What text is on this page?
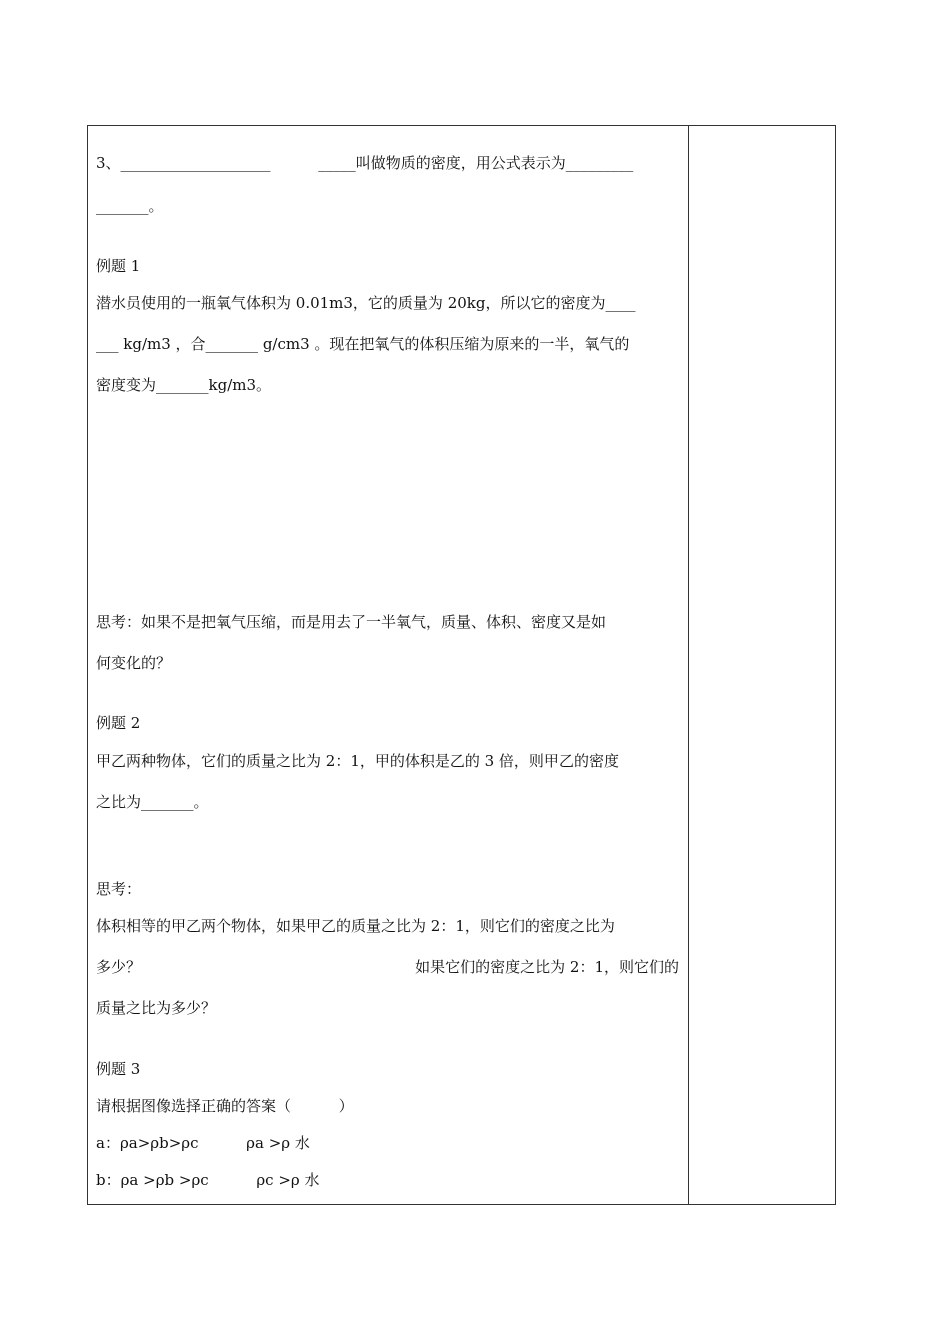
3、____________________          _____叫做物质的密度，用公式表示为_________
_______。
例题 1
潜水员使用的一瓶氧气体积为 0.01m3，它的质量为 20kg，所以它的密度为____
___ kg/m3 ，合_______ g/cm3 。现在把氧气的体积压缩为原来的一半，氧气的
密度变为_______kg/m3。
思考：如果不是把氧气压缩，而是用去了一半氧气，质量、体积、密度又是如
何变化的？
例题 2
甲乙两种物体，它们的质量之比为 2：1，甲的体积是乙的 3 倍，则甲乙的密度
之比为_______。
思考：
体积相等的甲乙两个物体，如果甲乙的质量之比为 2：1，则它们的密度之比为
多少？	如果它们的密度之比为 2：1，则它们的
质量之比为多少？
例题 3
请根据图像选择正确的答案（          ）
a：ρa>ρb>ρc          ρa >ρ 水
b：ρa >ρb >ρc          ρc >ρ 水
